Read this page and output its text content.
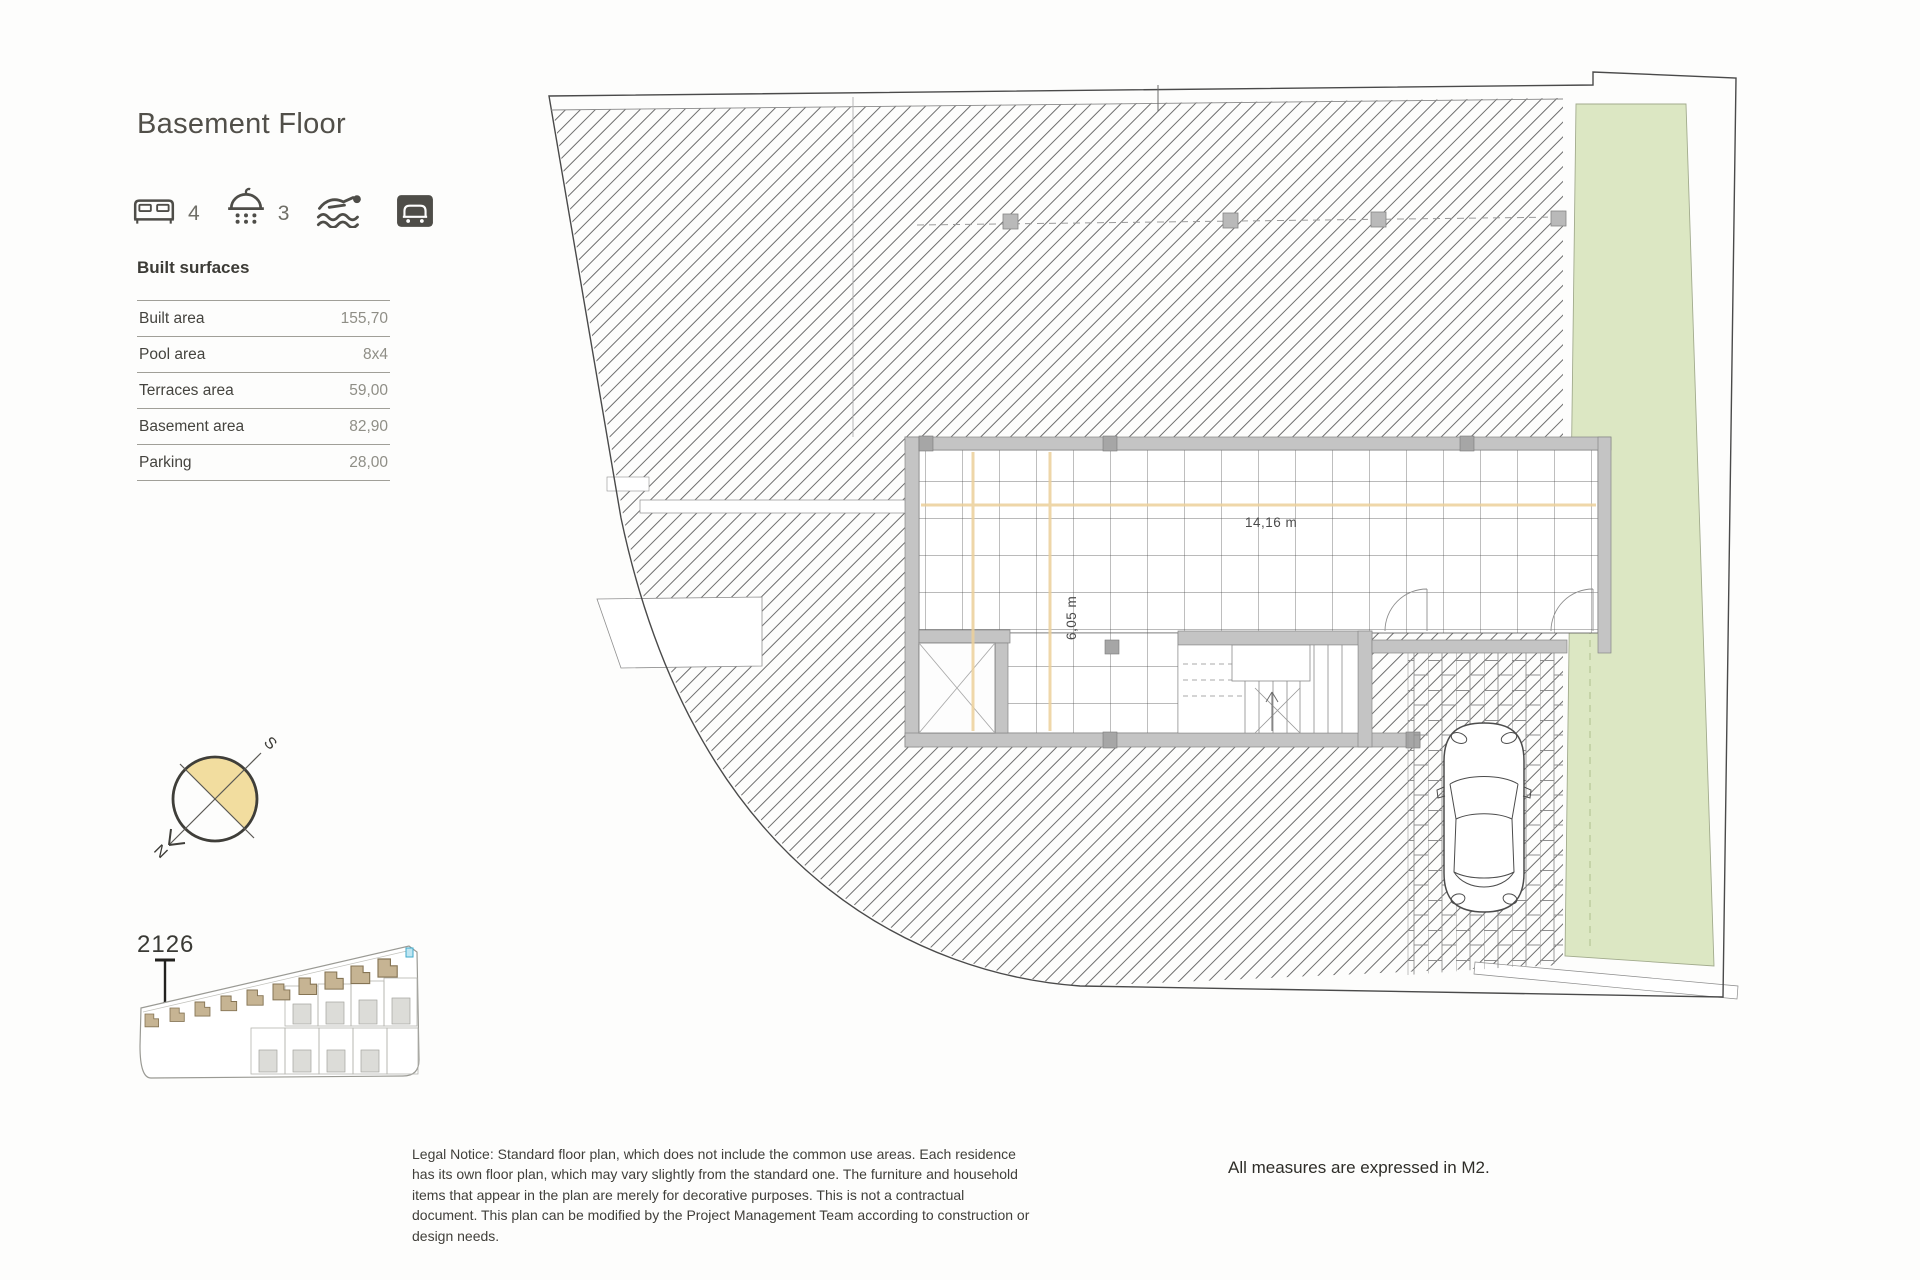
Basement Floor
4	3
Built surfaces
Built area	155,70
Pool area	8x4
Terraces area	59,00
Basement area	82,90
Parking	28,00
N
S
2126
14,16 m
6,05 m

Legal Notice: Standard floor plan, which does not include the common use areas. Each residence has its own floor plan, which may vary slightly from the standard one. The furniture and household items that appear in the plan are merely for decorative purposes. This is not a contractual document. This plan can be modified by the Project Management Team according to construction or design needs.

All measures are expressed in M2.
